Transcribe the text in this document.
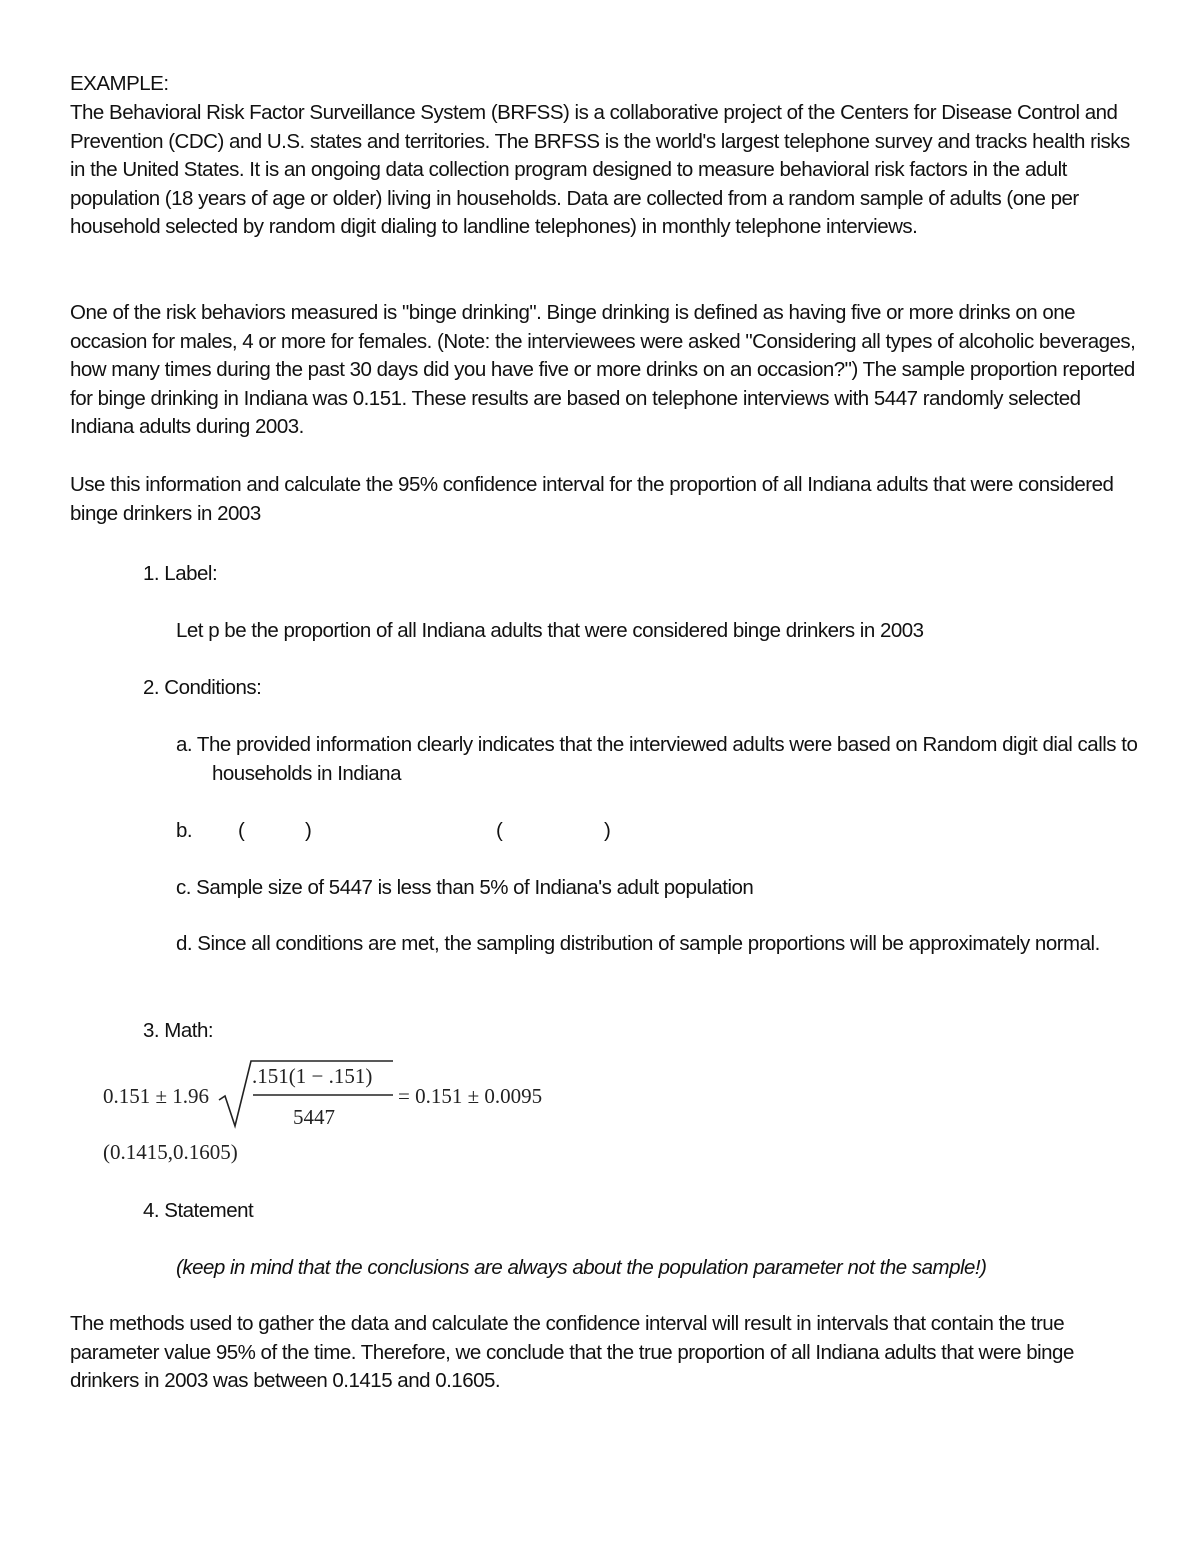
EXAMPLE:

The Behavioral Risk Factor Surveillance System (BRFSS) is a collaborative project of the Centers for Disease Control and Prevention (CDC) and U.S. states and territories. The BRFSS is the world's largest telephone survey and tracks health risks in the United States. It is an ongoing data collection program designed to measure behavioral risk factors in the adult population (18 years of age or older) living in households. Data are collected from a random sample of adults (one per household selected by random digit dialing to landline telephones) in monthly telephone interviews.

One of the risk behaviors measured is "binge drinking". Binge drinking is defined as having five or more drinks on one occasion for males, 4 or more for females. (Note: the interviewees were asked "Considering all types of alcoholic beverages, how many times during the past 30 days did you have five or more drinks on an occasion?") The sample proportion reported for binge drinking in Indiana was 0.151. These results are based on telephone interviews with 5447 randomly selected Indiana adults during 2003.

Use this information and calculate the 95% confidence interval for the proportion of all Indiana adults that were considered binge drinkers in 2003

1. Label:

Let p be the proportion of all Indiana adults that were considered binge drinkers in 2003

2. Conditions:

a. The provided information clearly indicates that the interviewed adults were based on Random digit dial calls to households in Indiana

b. (	)	(	)

c. Sample size of 5447 is less than 5% of Indiana's adult population

d. Since all conditions are met, the sampling distribution of sample proportions will be approximately normal.

3. Math:

0.151 ± 1.96
.151(1 − .151)
5447
= 0.151 ± 0.0095
(0.1415,0.1605)

4. Statement

(keep in mind that the conclusions are always about the population parameter not the sample!)

The methods used to gather the data and calculate the confidence interval will result in intervals that contain the true parameter value 95% of the time. Therefore, we conclude that the true proportion of all Indiana adults that were binge drinkers in 2003 was between 0.1415 and 0.1605.
